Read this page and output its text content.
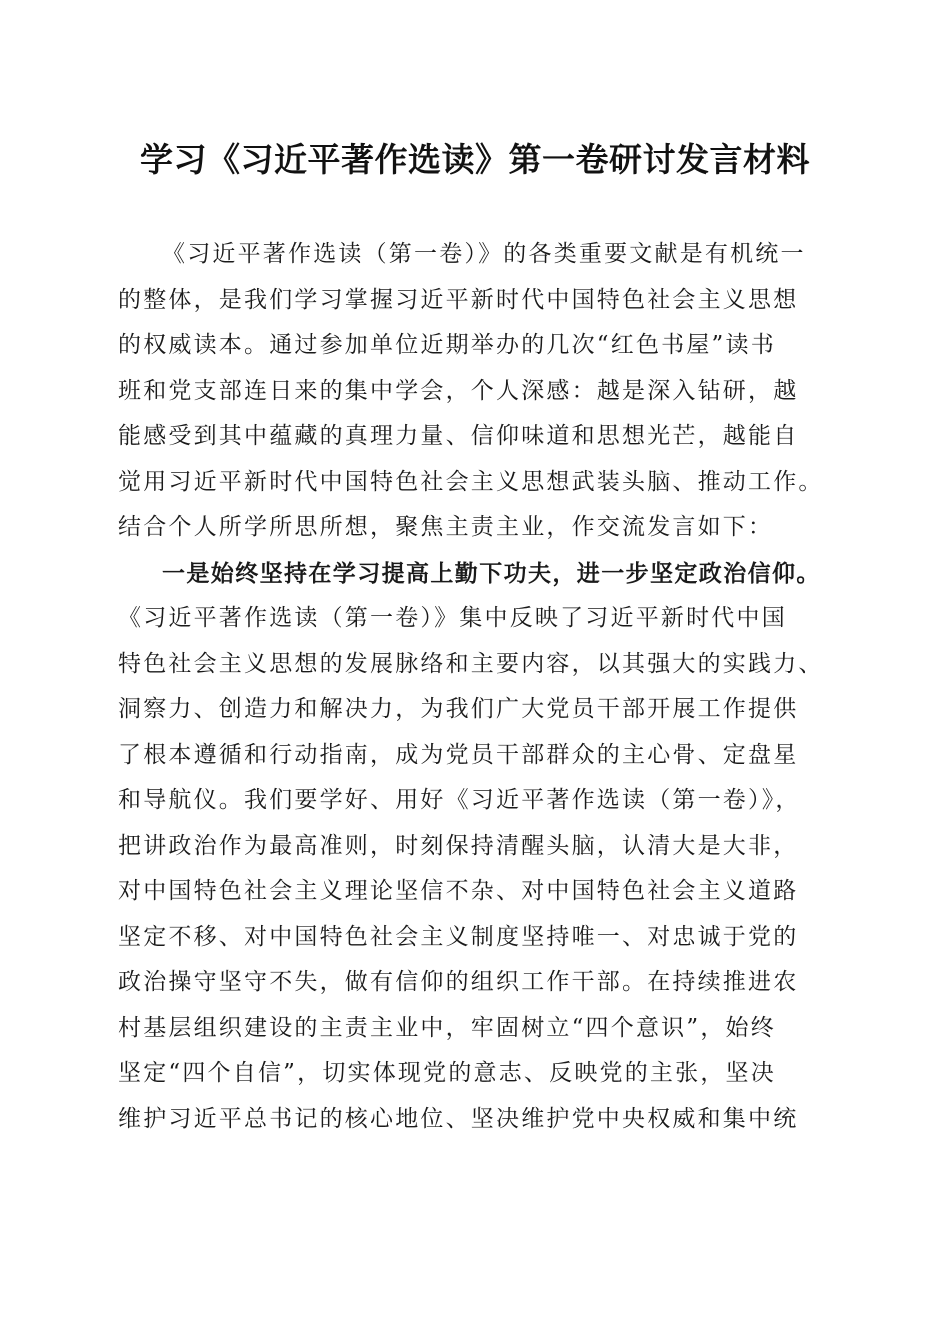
学习《习近平著作选读》第一卷研讨发言材料
《习近平著作选读（第一卷）》的各类重要文献是有机统一
的整体，是我们学习掌握习近平新时代中国特色社会主义思想
的权威读本。通过参加单位近期举办的几次“红色书屋”读书
班和党支部连日来的集中学会，个人深感：越是深入钻研，越
能感受到其中蕴藏的真理力量、信仰味道和思想光芒，越能自
觉用习近平新时代中国特色社会主义思想武装头脑、推动工作。
结合个人所学所思所想，聚焦主责主业，作交流发言如下：
一是始终坚持在学习提高上勤下功夫，进一步坚定政治信仰。
《习近平著作选读（第一卷）》集中反映了习近平新时代中国
特色社会主义思想的发展脉络和主要内容，以其强大的实践力、
洞察力、创造力和解决力，为我们广大党员干部开展工作提供
了根本遵循和行动指南，成为党员干部群众的主心骨、定盘星
和导航仪。我们要学好、用好《习近平著作选读（第一卷）》，
把讲政治作为最高准则，时刻保持清醒头脑，认清大是大非，
对中国特色社会主义理论坚信不杂、对中国特色社会主义道路
坚定不移、对中国特色社会主义制度坚持唯一、对忠诚于党的
政治操守坚守不失，做有信仰的组织工作干部。在持续推进农
村基层组织建设的主责主业中，牢固树立“四个意识”，始终
坚定“四个自信”，切实体现党的意志、反映党的主张，坚决
维护习近平总书记的核心地位、坚决维护党中央权威和集中统
